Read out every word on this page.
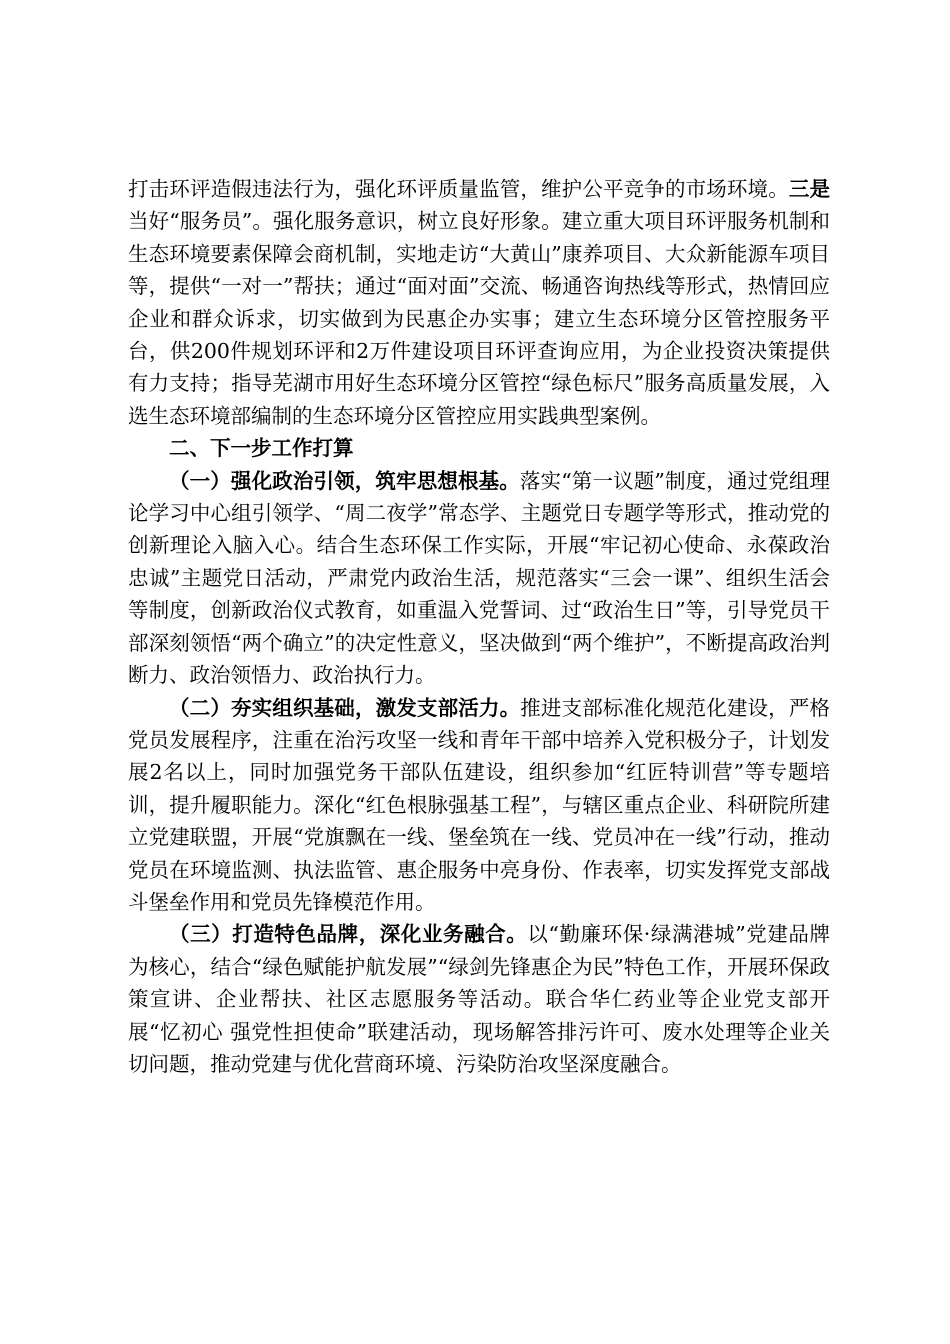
打击环评造假违法行为，强化环评质量监管，维护公平竞争的市场环境。三是当好“服务员”。强化服务意识，树立良好形象。建立重大项目环评服务机制和生态环境要素保障会商机制，实地走访“大黄山”康养项目、大众新能源车项目等，提供“一对一”帮扶；通过“面对面”交流、畅通咨询热线等形式，热情回应企业和群众诉求，切实做到为民惠企办实事；建立生态环境分区管控服务平台，供200件规划环评和2万件建设项目环评查询应用，为企业投资决策提供有力支持；指导芜湖市用好生态环境分区管控“绿色标尺”服务高质量发展，入选生态环境部编制的生态环境分区管控应用实践典型案例。

二、下一步工作打算

（一）强化政治引领，筑牢思想根基。落实“第一议题”制度，通过党组理论学习中心组引领学、“周二夜学”常态学、主题党日专题学等形式，推动党的创新理论入脑入心。结合生态环保工作实际，开展“牢记初心使命、永葆政治忠诚”主题党日活动，严肃党内政治生活，规范落实“三会一课”、组织生活会等制度，创新政治仪式教育，如重温入党誓词、过“政治生日”等，引导党员干部深刻领悟“两个确立”的决定性意义，坚决做到“两个维护”，不断提高政治判断力、政治领悟力、政治执行力。

（二）夯实组织基础，激发支部活力。推进支部标准化规范化建设，严格党员发展程序，注重在治污攻坚一线和青年干部中培养入党积极分子，计划发展2名以上，同时加强党务干部队伍建设，组织参加“红匠特训营”等专题培训，提升履职能力。深化“红色根脉强基工程”，与辖区重点企业、科研院所建立党建联盟，开展“党旗飘在一线、堡垒筑在一线、党员冲在一线”行动，推动党员在环境监测、执法监管、惠企服务中亮身份、作表率，切实发挥党支部战斗堡垒作用和党员先锋模范作用。

（三）打造特色品牌，深化业务融合。以“勤廉环保·绿满港城”党建品牌为核心，结合“绿色赋能护航发展”“绿剑先锋惠企为民”特色工作，开展环保政策宣讲、企业帮扶、社区志愿服务等活动。联合华仁药业等企业党支部开展“忆初心 强党性担使命”联建活动，现场解答排污许可、废水处理等企业关切问题，推动党建与优化营商环境、污染防治攻坚深度融合。
